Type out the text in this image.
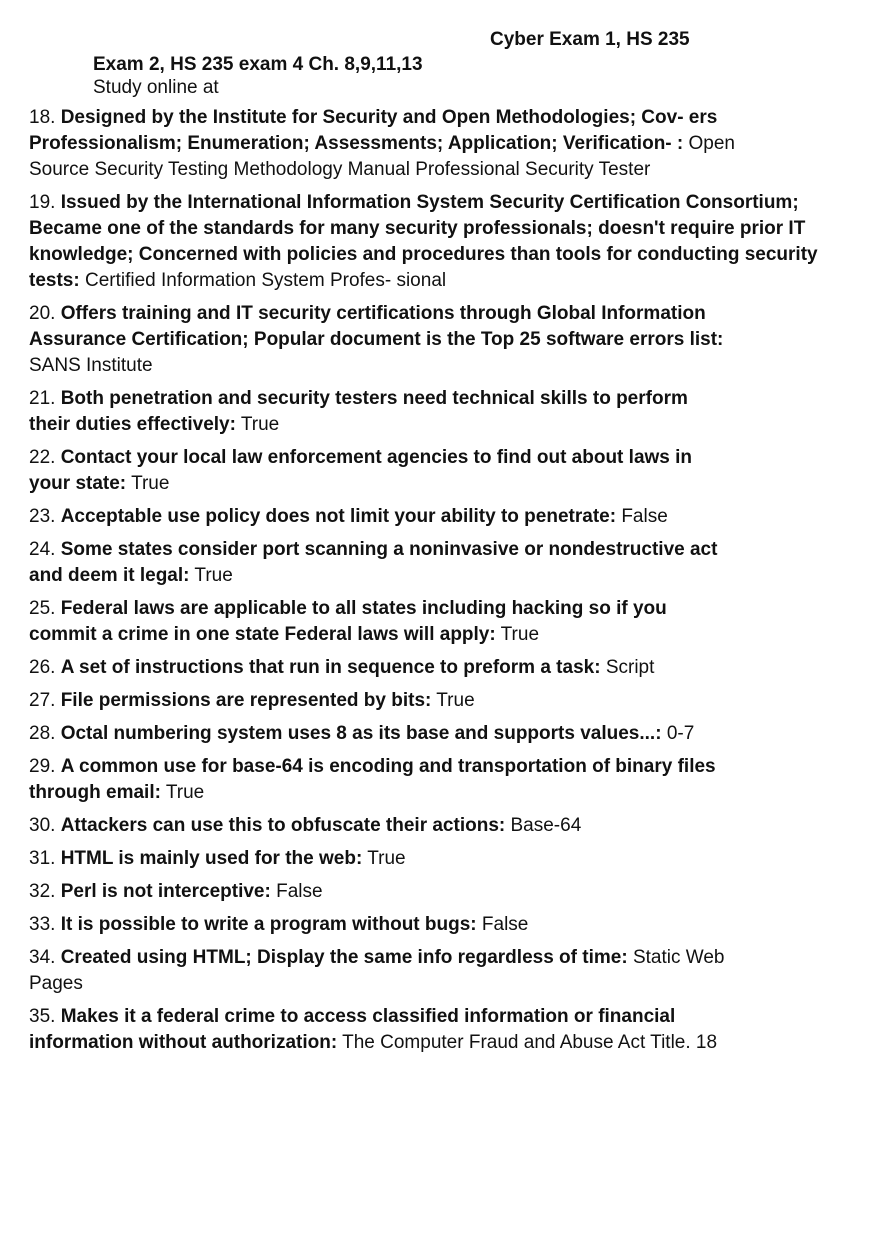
Cyber Exam 1, HS 235
Exam 2, HS 235 exam 4 Ch. 8,9,11,13
Study online at
18. Designed by the Institute for Security and Open Methodologies; Cov- ers Professionalism; Enumeration; Assessments; Application; Verification- : Open Source Security Testing Methodology Manual Professional Security Tester
19. Issued by the International Information System Security Certification Consortium; Became one of the standards for many security professionals; doesn't require prior IT knowledge; Concerned with policies and procedures than tools for conducting security tests: Certified Information System Profes- sional
20. Offers training and IT security certifications through Global Information Assurance Certification; Popular document is the Top 25 software errors list: SANS Institute
21. Both penetration and security testers need technical skills to perform their duties effectively: True
22. Contact your local law enforcement agencies to find out about laws in your state: True
23. Acceptable use policy does not limit your ability to penetrate: False
24. Some states consider port scanning a noninvasive or nondestructive act and deem it legal: True
25. Federal laws are applicable to all states including hacking so if you commit a crime in one state Federal laws will apply: True
26. A set of instructions that run in sequence to preform a task: Script
27. File permissions are represented by bits: True
28. Octal numbering system uses 8 as its base and supports values...: 0-7
29. A common use for base-64 is encoding and transportation of binary files through email: True
30. Attackers can use this to obfuscate their actions: Base-64
31. HTML is mainly used for the web: True
32. Perl is not interceptive: False
33. It is possible to write a program without bugs: False
34. Created using HTML; Display the same info regardless of time: Static Web Pages
35. Makes it a federal crime to access classified information or financial information without authorization: The Computer Fraud and Abuse Act Title. 18
